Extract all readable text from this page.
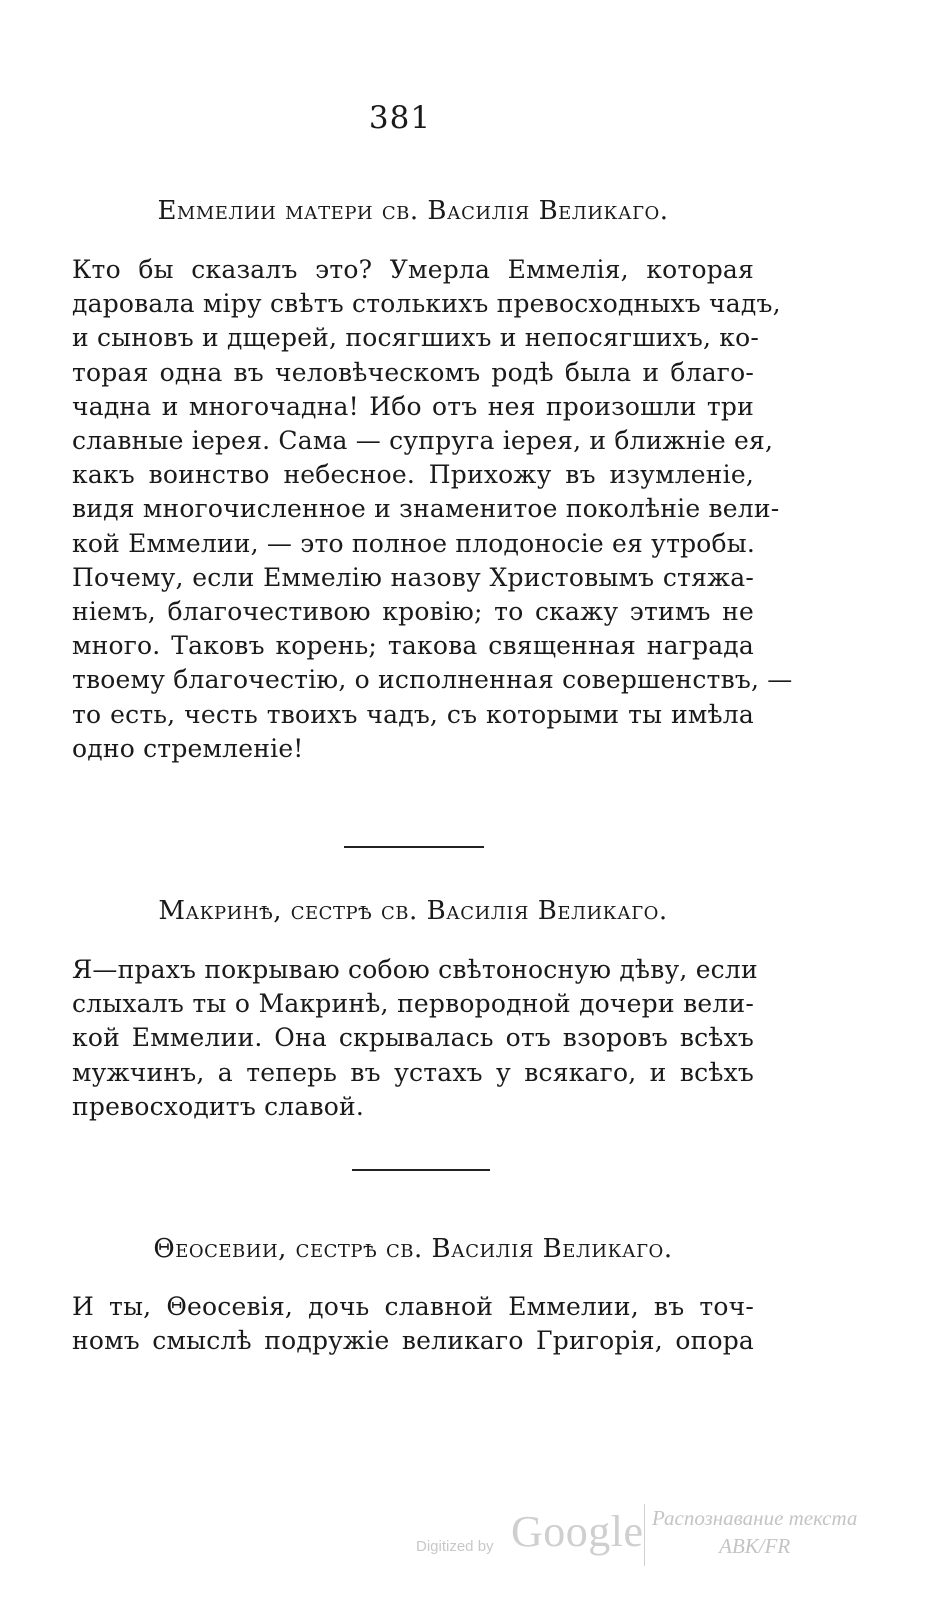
381
Еммелии матери св. Василія Великаго.
Кто бы сказалъ это? Умерла Еммелія, которая
даровала міру свѣтъ столькихъ превосходныхъ чадъ,
и сыновъ и дщерей, посягшихъ и непосягшихъ, ко-
торая одна въ человѣческомъ родѣ была и благо-
чадна и многочадна! Ибо отъ нея произошли три
славные іерея. Сама — супруга іерея, и ближніе ея,
какъ воинство небесное. Прихожу въ изумленіе,
видя многочисленное и знаменитое поколѣніе вели-
кой Еммелии, — это полное плодоносіе ея утробы.
Почему, если Еммелію назову Христовымъ стяжа-
ніемъ, благочестивою кровію; то скажу этимъ не
много. Таковъ корень; такова священная награда
твоему благочестію, о исполненная совершенствъ, —
то есть, честь твоихъ чадъ, съ которыми ты имѣла
одно стремленіе!
Макринѣ, сестрѣ св. Василія Великаго.
Я—прахъ покрываю собою свѣтоносную дѣву, если
слыхалъ ты о Макринѣ, первородной дочери вели-
кой Еммелии. Она скрывалась отъ взоровъ всѣхъ
мужчинъ, а теперь въ устахъ у всякаго, и всѣхъ
превосходитъ славой.
Θеосевии, сестрѣ св. Василія Великаго.
И ты, Θеосевія, дочь славной Еммелии, въ точ-
номъ смыслѣ подружіе великаго Григорія, опора
Digitized by Google Распознавание текста
АВК/FR
